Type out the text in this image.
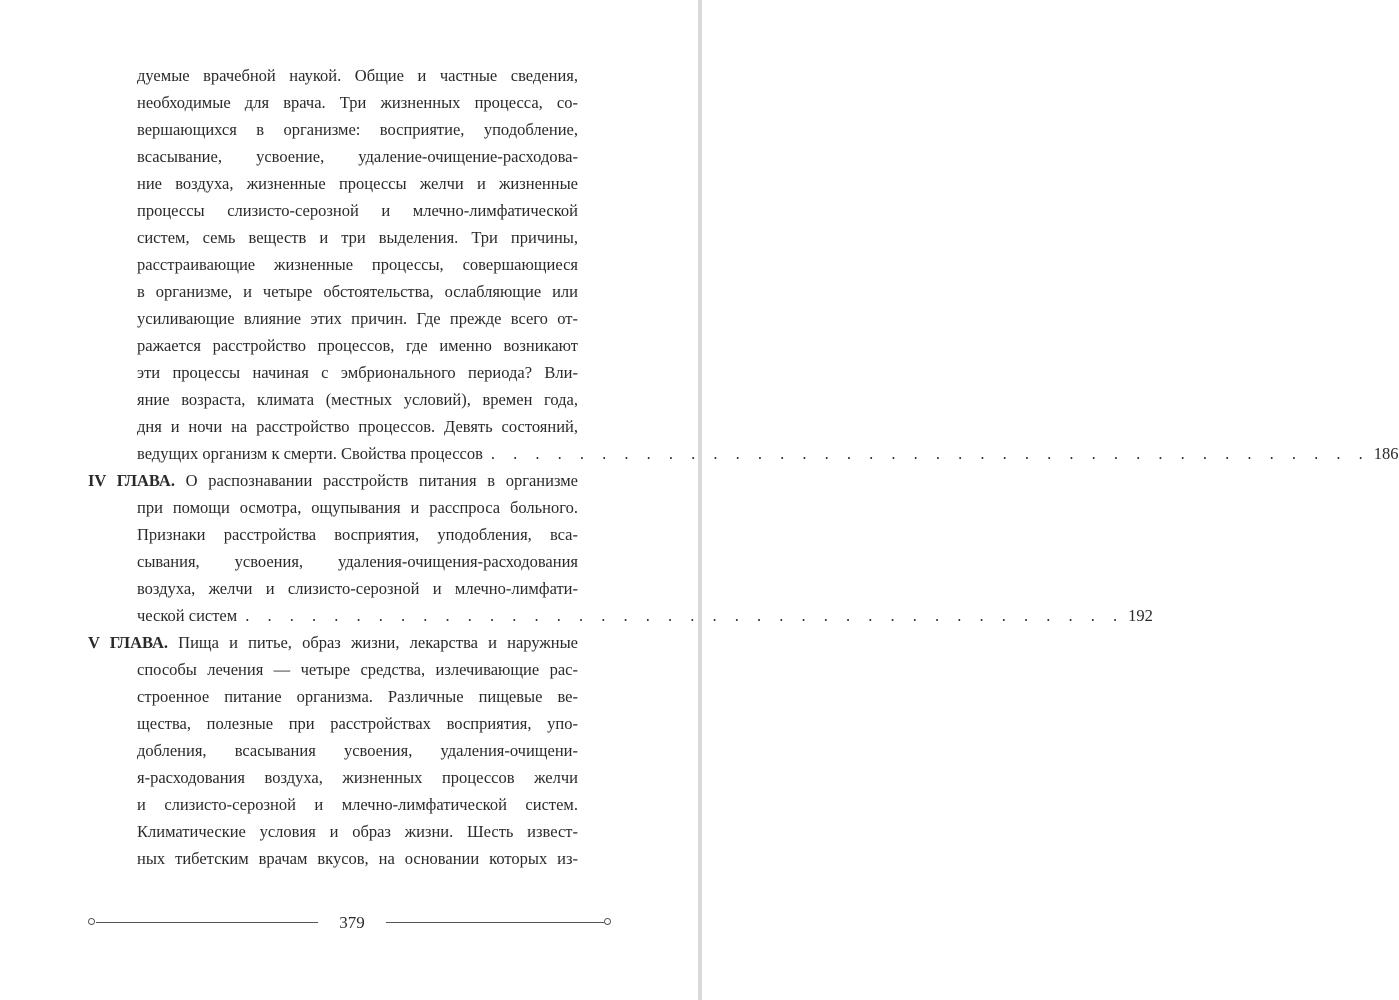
дуемые врачебной наукой. Общие и частные сведения,
необходимые для врача. Три жизненных процесса, со-
вершающихся в организме: восприятие, уподобление,
всасывание, усвоение, удаление-очищение-расходова-
ние воздуха, жизненные процессы желчи и жизненные
процессы слизисто-серозной и млечно-лимфатической
систем, семь веществ и три выделения. Три причины,
расстраивающие жизненные процессы, совершающиеся
в организме, и четыре обстоятельства, ослабляющие или
усиливающие влияние этих причин. Где прежде всего от-
ражается расстройство процессов, где именно возникают
эти процессы начиная с эмбрионального периода? Вли-
яние возраста, климата (местных условий), времен года,
дня и ночи на расстройство процессов. Девять состояний,
ведущих организм к смерти. Свойства процессов . . . . . . . . . . . . . . . . . . . . . . . . . . . . . . . . . . . . . . . . 186
IV ГЛАВА. О распознавании расстройств питания в организме
при помощи осмотра, ощупывания и расспроса больного.
Признаки расстройства восприятия, уподобления, вса-
сывания, усвоения, удаления-очищения-расходования
воздуха, желчи и слизисто-серозной и млечно-лимфати-
ческой систем . . . . . . . . . . . . . . . . . . . . . . . . . . . . . . . . . . . . . . . . 192
V ГЛАВА. Пища и питье, образ жизни, лекарства и наружные
способы лечения — четыре средства, излечивающие рас-
строенное питание организма. Различные пищевые ве-
щества, полезные при расстройствах восприятия, упо-
добления, всасывания усвоения, удаления-очищени-
я-расходования воздуха, жизненных процессов желчи
и слизисто-серозной и млечно-лимфатической систем.
Климатические условия и образ жизни. Шесть извест-
ных тибетским врачам вкусов, на основании которых из-
379
